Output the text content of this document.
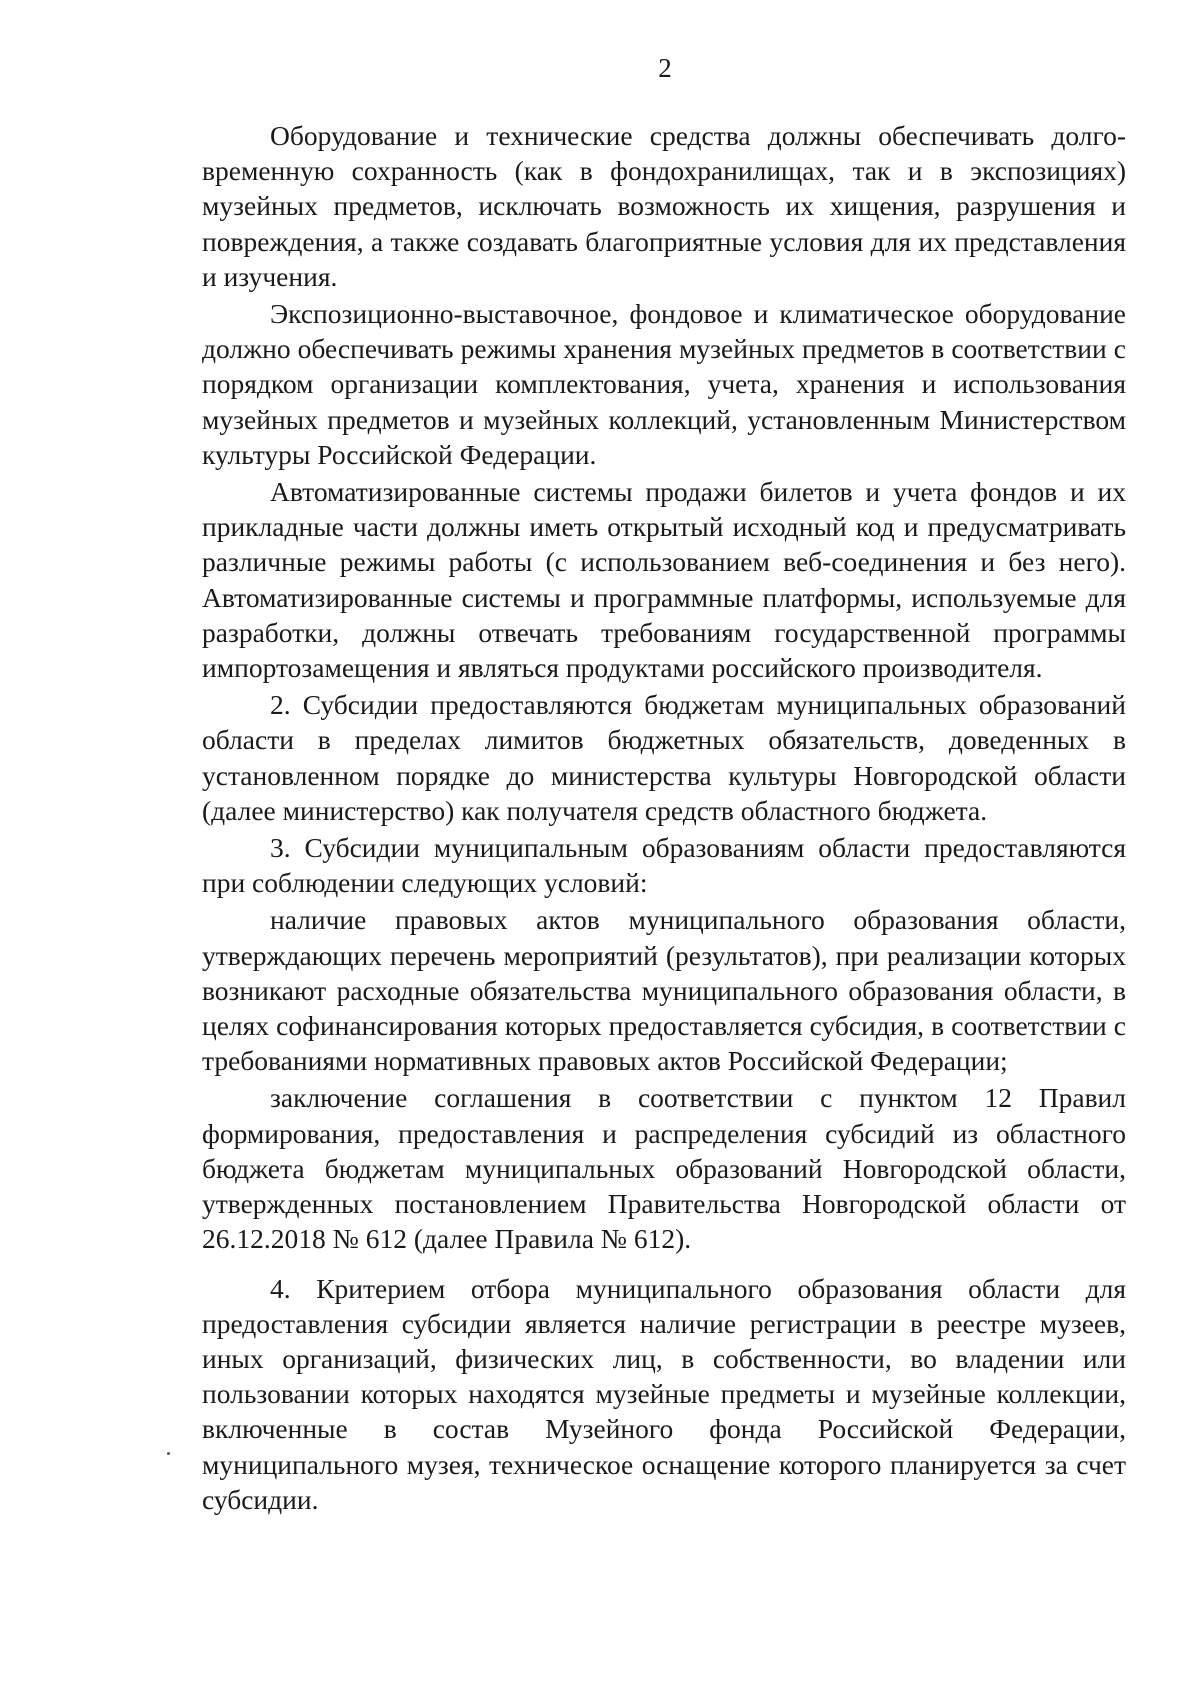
2

Оборудование и технические средства должны обеспечивать долговременную сохранность (как в фондохранилищах, так и в экспозициях) музейных предметов, исключать возможность их хищения, разрушения и повреждения, а также создавать благоприятные условия для их представления и изучения.

Экспозиционно-выставочное, фондовое и климатическое оборудование должно обеспечивать режимы хранения музейных предметов в соответствии с порядком организации комплектования, учета, хранения и использования музейных предметов и музейных коллекций, установленным Министерством культуры Российской Федерации.

Автоматизированные системы продажи билетов и учета фондов и их прикладные части должны иметь открытый исходный код и предусматривать различные режимы работы (с использованием веб-соединения и без него). Автоматизированные системы и программные платформы, используемые для разработки, должны отвечать требованиям государственной программы импортозамещения и являться продуктами российского производителя.

2. Субсидии предоставляются бюджетам муниципальных образований области в пределах лимитов бюджетных обязательств, доведенных в установленном порядке до министерства культуры Новгородской области (далее министерство) как получателя средств областного бюджета.

3. Субсидии муниципальным образованиям области предоставляются при соблюдении следующих условий:

наличие правовых актов муниципального образования области, утверждающих перечень мероприятий (результатов), при реализации которых возникают расходные обязательства муниципального образования области, в целях софинансирования которых предоставляется субсидия, в соответствии с требованиями нормативных правовых актов Российской Федерации;

заключение соглашения в соответствии с пунктом 12 Правил формирования, предоставления и распределения субсидий из областного бюджета бюджетам муниципальных образований Новгородской области, утвержденных постановлением Правительства Новгородской области от 26.12.2018 № 612 (далее Правила № 612).

4. Критерием отбора муниципального образования области для предоставления субсидии является наличие регистрации в реестре музеев, иных организаций, физических лиц, в собственности, во владении или пользовании которых находятся музейные предметы и музейные коллекции, включенные в состав Музейного фонда Российской Федерации, муниципального музея, техническое оснащение которого планируется за счет субсидии.
